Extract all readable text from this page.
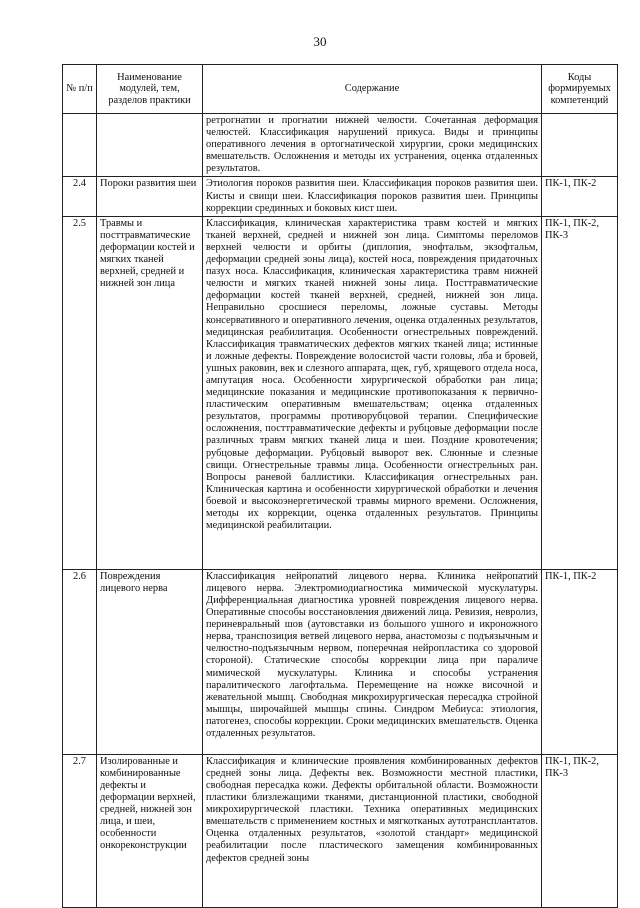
30
№ п/п	Наименование модулей, тем, разделов практики	Содержание	Коды формируемых компетенций
		ретрогнатии и прогнатии нижней челюсти. Сочетанная деформация челюстей. Классификация нарушений прикуса. Виды и принципы оперативного лечения в ортогнатической хирургии, сроки медицинских вмешательств. Осложнения и методы их устранения, оценка отдаленных результатов.	
2.4	Пороки развития шеи	Этиология пороков развития шеи. Классификация пороков развития шеи. Кисты и свищи шеи. Классификация пороков развития шеи. Принципы коррекции срединных и боковых кист шеи.	ПК-1, ПК-2
2.5	Травмы и посттравматические деформации костей и мягких тканей верхней, средней и нижней зон лица	Классификация, клиническая характеристика травм костей и мягких тканей верхней, средней и нижней зон лица. Симптомы переломов верхней челюсти и орбиты (диплопия, энофтальм, экзофтальм, деформации средней зоны лица), костей носа, повреждения придаточных пазух носа. Классификация, клиническая характеристика травм нижней челюсти и мягких тканей нижней зоны лица. Посттравматические деформации костей тканей верхней, средней, нижней зон лица. Неправильно сросшиеся переломы, ложные суставы. Методы консервативного и оперативного лечения, оценка отдаленных результатов, медицинская реабилитация. Особенности огнестрельных повреждений. Классификация травматических дефектов мягких тканей лица; истинные и ложные дефекты. Повреждение волосистой части головы, лба и бровей, ушных раковин, век и слезного аппарата, щек, губ, хрящевого отдела носа, ампутация носа. Особенности хирургической обработки ран лица; медицинские показания и медицинские противопоказания к первично-пластическим оперативным вмешательствам; оценка отдаленных результатов, программы противорубцовой терапии. Специфические осложнения, посттравматические дефекты и рубцовые деформации после различных травм мягких тканей лица и шеи. Поздние кровотечения; рубцовые деформации. Рубцовый выворот век. Слюнные и слезные свищи. Огнестрельные травмы лица. Особенности огнестрельных ран. Вопросы раневой баллистики. Классификация огнестрельных ран. Клиническая картина и особенности хирургической обработки и лечения боевой и высокоэнергетической травмы мирного времени. Осложнения, методы их коррекции, оценка отдаленных результатов. Принципы медицинской реабилитации.	ПК-1, ПК-2, ПК-3
2.6	Повреждения лицевого нерва	Классификация нейропатий лицевого нерва. Клиника нейропатий лицевого нерва. Электромиодиагностика мимической мускулатуры. Дифференциальная диагностика уровней повреждения лицевого нерва. Оперативные способы восстановления движений лица. Ревизия, невролиз, периневральный шов (аутовставки из большого ушного и икроножного нерва, транспозиция ветвей лицевого нерва, анастомозы с подъязычным и челюстно-подъязычным нервом, поперечная нейропластика со здоровой стороной). Статические способы коррекции лица при параличе мимической мускулатуры. Клиника и способы устранения паралитического лагофтальма. Перемещение на ножке височной и жевательной мышц. Свободная микрохирургическая пересадка стройной мышцы, широчайшей мышцы спины. Синдром Мебиуса: этиология, патогенез, способы коррекции. Сроки медицинских вмешательств. Оценка отдаленных результатов.	ПК-1, ПК-2
2.7	Изолированные и комбинированные дефекты и деформации верхней, средней, нижней зон лица, и шеи, особенности онкореконструкции	Классификация и клинические проявления комбинированных дефектов средней зоны лица. Дефекты век. Возможности местной пластики, свободная пересадка кожи. Дефекты орбитальной области. Возможности пластики близлежащими тканями, дистанционной пластики, свободной микрохирургической пластики. Техника оперативных медицинских вмешательств с применением костных и мягкотканых аутотрансплантатов. Оценка отдаленных результатов, «золотой стандарт» медицинской реабилитации после пластического замещения комбинированных дефектов средней зоны	ПК-1, ПК-2, ПК-3
